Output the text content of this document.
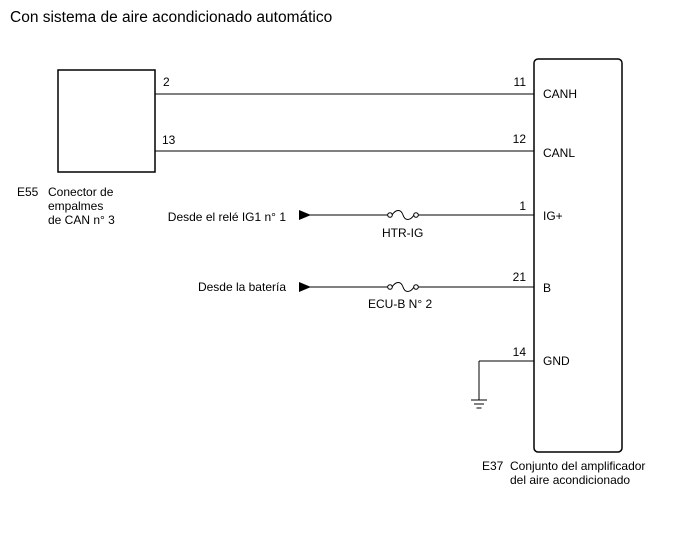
Con sistema de aire acondicionado automático
2
13
11
12
1
21
14
CANH
CANL
IG+
B
GND
Desde el relé IG1 n° 1
Desde la batería
HTR-IG
ECU-B N° 2
E55 Conector de
empalmes
de CAN n° 3
E37 Conjunto del amplificador
del aire acondicionado
